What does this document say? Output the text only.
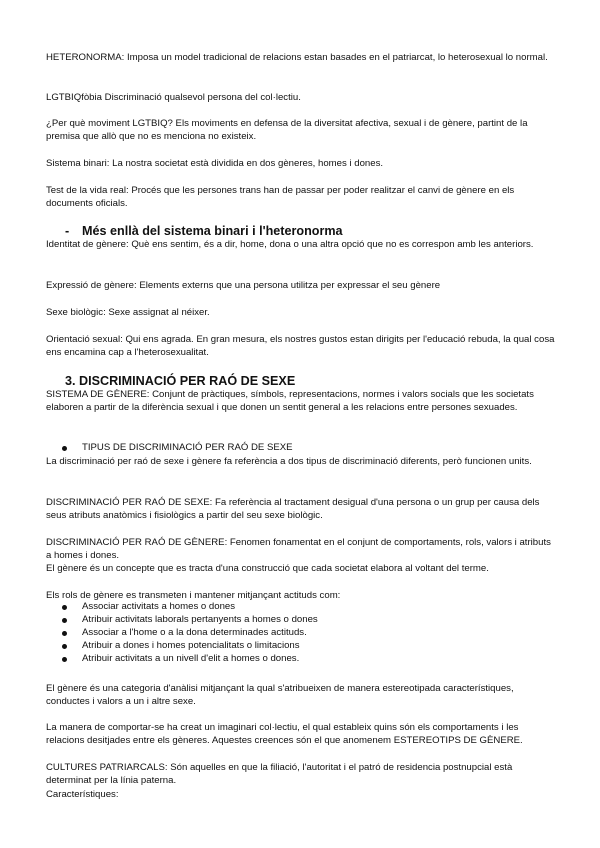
HETERONORMA: Imposa un model tradicional de relacions estan basades en el patriarcat, lo heterosexual lo normal.

LGTBIQfòbia Discriminació qualsevol persona del col·lectiu.

¿Per què moviment LGTBIQ? Els moviments en defensa de la diversitat afectiva, sexual i de gènere, partint de la premisa que allò que no es menciona no existeix.

Sistema binari: La nostra societat està dividida en dos gèneres, homes i dones.

Test de la vida real: Procés que les persones trans han de passar per poder realitzar el canvi de gènere en els documents oficials.

- Més enllà del sistema binari i l'heteronorma

Identitat de gènere: Què ens sentim, és a dir, home, dona o una altra opció que no es correspon amb les anteriors.

Expressió de gènere: Elements externs que una persona utilitza per expressar el seu gènere

Sexe biològic: Sexe assignat al néixer.

Orientació sexual: Qui ens agrada. En gran mesura, els nostres gustos estan dirigits per l'educació rebuda, la qual cosa ens encamina cap a l'heterosexualitat.

3. DISCRIMINACIÓ PER RAÓ DE SEXE

SISTEMA DE GÈNERE: Conjunt de pràctiques, símbols, representacions, normes i valors socials que les societats elaboren a partir de la diferència sexual i que donen un sentit general a les relacions entre persones sexuades.

TIPUS DE DISCRIMINACIÓ PER RAÓ DE SEXE

La discriminació per raó de sexe i gènere fa referència a dos tipus de discriminació diferents, però funcionen units.

DISCRIMINACIÓ PER RAÓ DE SEXE: Fa referència al tractament desigual d'una persona o un grup per causa dels seus atributs anatòmics i fisiològics a partir del seu sexe biològic.

DISCRIMINACIÓ PER RAÓ DE GÈNERE: Fenomen fonamentat en el conjunt de comportaments, rols, valors i atributs a homes i dones.

El gènere és un concepte que es tracta d'una construcció que cada societat elabora al voltant del terme.

Els rols de gènere es transmeten i mantener mitjançant actituds com:

Associar activitats a homes o dones
Atribuir activitats laborals pertanyents a homes o dones
Associar a l'home o a la dona determinades actituds.
Atribuir a dones i homes potencialitats o limitacions
Atribuir activitats a un nivell d'elit a homes o dones.

El gènere és una categoria d'anàlisi mitjançant la qual s'atribueixen de manera estereotipada característiques, conductes i valors a un i altre sexe.

La manera de comportar-se ha creat un imaginari col·lectiu, el qual estableix quins són els comportaments i les relacions desitjades entre els gèneres. Aquestes creences són el que anomenem ESTEREOTIPS DE GÈNERE.

CULTURES PATRIARCALS: Són aquelles en que la filiació, l'autoritat i el patró de residencia postnupcial està determinat per la línia paterna.

Característiques:
